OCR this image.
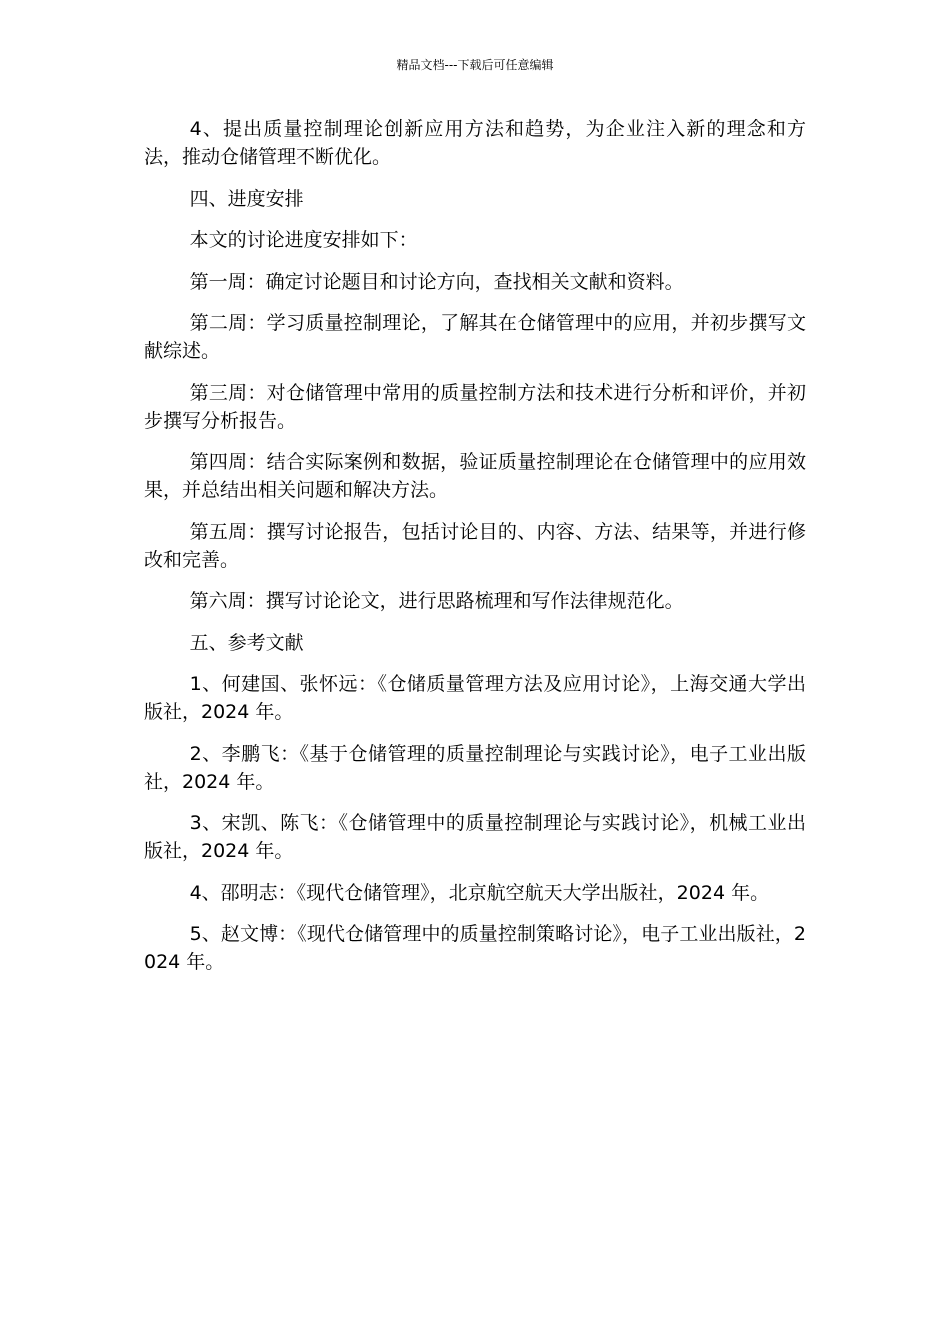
精品文档---下载后可任意编辑

4、提出质量控制理论创新应用方法和趋势，为企业注入新的理念和方法，推动仓储管理不断优化。

四、进度安排

本文的讨论进度安排如下：

第一周：确定讨论题目和讨论方向，查找相关文献和资料。

第二周：学习质量控制理论，了解其在仓储管理中的应用，并初步撰写文献综述。

第三周：对仓储管理中常用的质量控制方法和技术进行分析和评价，并初步撰写分析报告。

第四周：结合实际案例和数据，验证质量控制理论在仓储管理中的应用效果，并总结出相关问题和解决方法。

第五周：撰写讨论报告，包括讨论目的、内容、方法、结果等，并进行修改和完善。

第六周：撰写讨论论文，进行思路梳理和写作法律规范化。

五、参考文献

1、何建国、张怀远：《仓储质量管理方法及应用讨论》，上海交通大学出版社，2024 年。

2、李鹏飞：《基于仓储管理的质量控制理论与实践讨论》，电子工业出版社，2024 年。

3、宋凯、陈飞：《仓储管理中的质量控制理论与实践讨论》，机械工业出版社，2024 年。

4、邵明志：《现代仓储管理》，北京航空航天大学出版社，2024 年。

5、赵文博：《现代仓储管理中的质量控制策略讨论》，电子工业出版社，2024 年。
